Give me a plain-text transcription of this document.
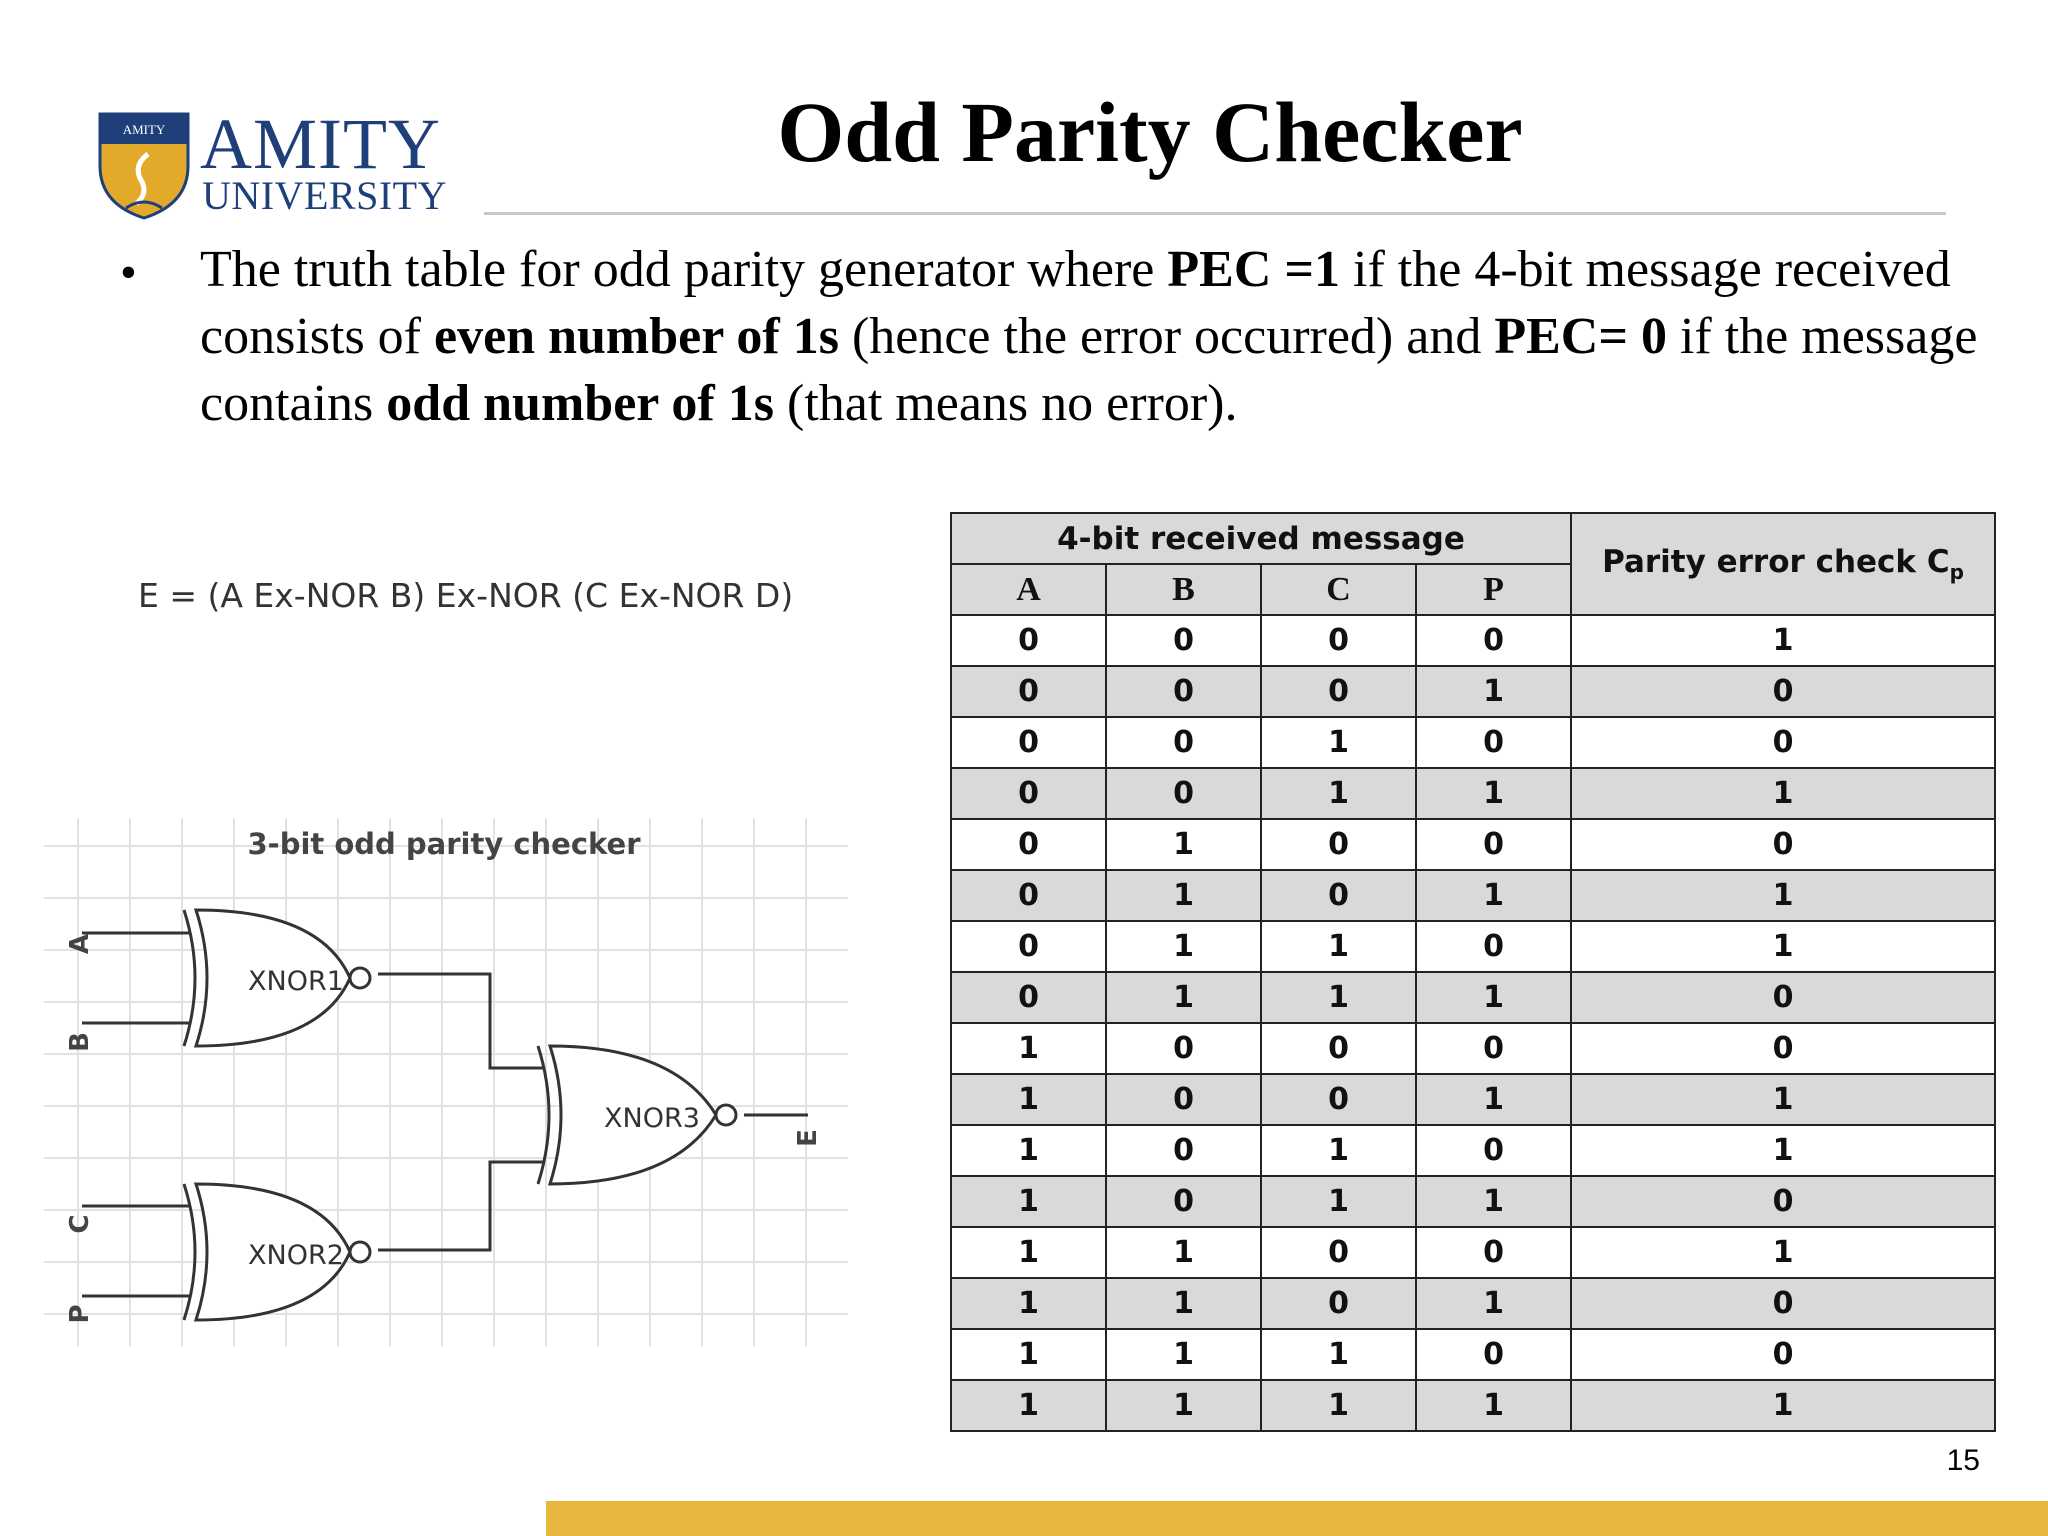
AMITY AMITY
UNIVERSITY
Odd Parity Checker
• The truth table for odd parity generator where PEC =1 if the 4-bit message received consists of even number of 1s (hence the error occurred) and PEC= 0 if the message contains odd number of 1s (that means no error).
E = (A Ex-NOR B) Ex-NOR (C Ex-NOR D)
3-bit odd parity checker
XNOR1
XNOR2
XNOR3
A
B
C
P
E
4-bit received message				Parity error check $C_p$
A	B	C	P	
0	0	0	0	1
0	0	0	1	0
0	0	1	0	0
0	0	1	1	1
0	1	0	0	0
0	1	0	1	1
0	1	1	0	1
0	1	1	1	0
1	0	0	0	0
1	0	0	1	1
1	0	1	0	1
1	0	1	1	0
1	1	0	0	1
1	1	0	1	0
1	1	1	0	0
1	1	1	1	1
15
